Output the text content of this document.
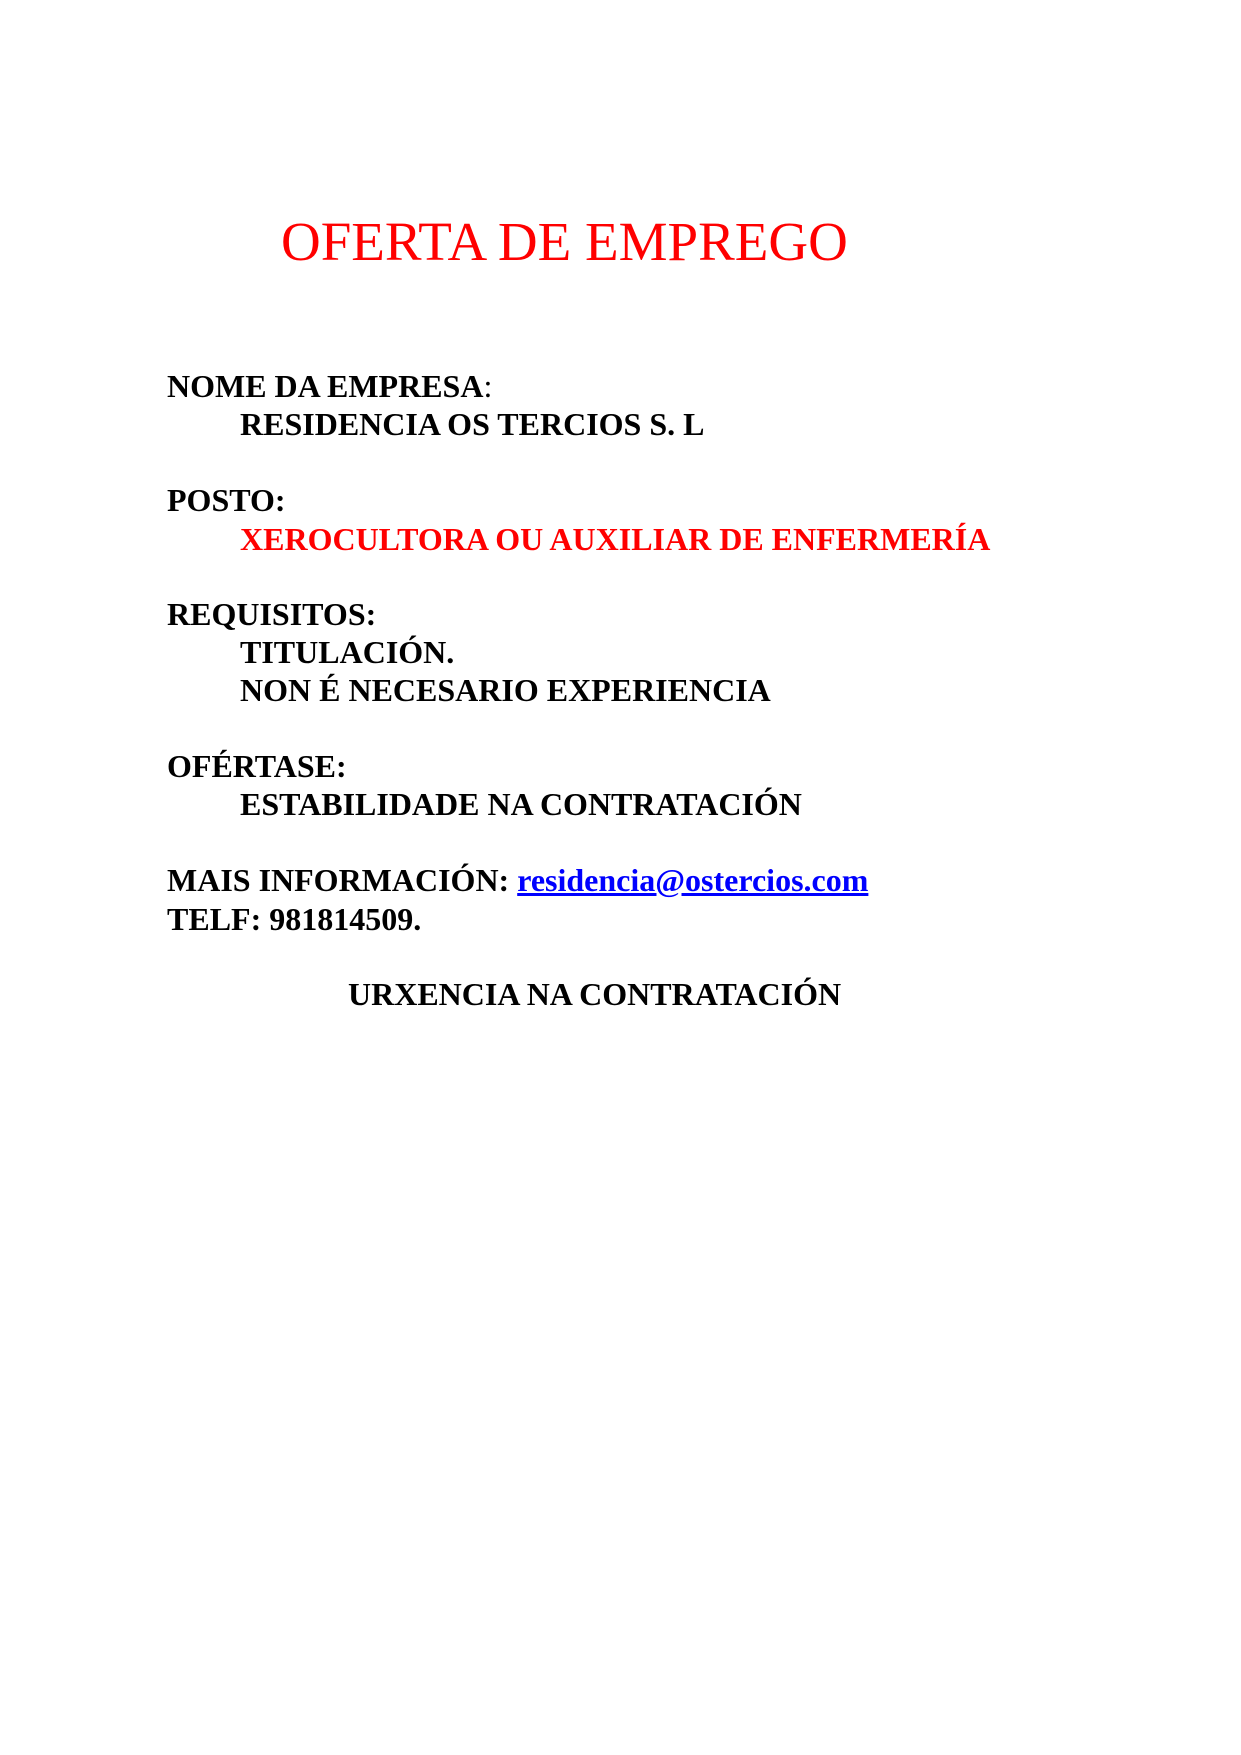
OFERTA DE EMPREGO
NOME DA EMPRESA:
RESIDENCIA OS TERCIOS S. L
POSTO:
XEROCULTORA OU AUXILIAR DE ENFERMERÍA
REQUISITOS:
TITULACIÓN.
NON É NECESARIO EXPERIENCIA
OFÉRTASE:
ESTABILIDADE NA CONTRATACIÓN
MAIS INFORMACIÓN: residencia@ostercios.com
TELF: 981814509.
URXENCIA NA CONTRATACIÓN
